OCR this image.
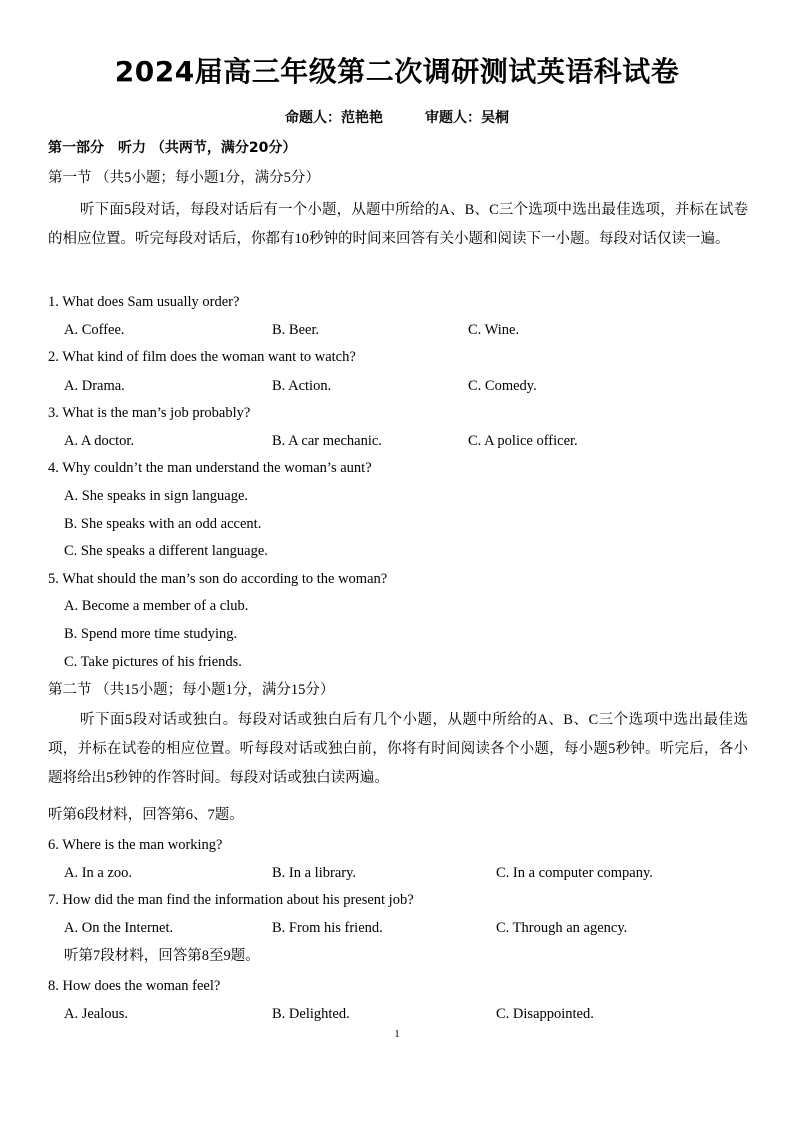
2024届高三年级第二次调研测试英语科试卷
命题人：范艳艳	审题人：吴桐
第一部分　听力 （共两节，满分20分）
第一节 （共5小题；每小题1分，满分5分）

听下面5段对话，每段对话后有一个小题，从题中所给的A、B、C三个选项中选出最佳选项，并标在试卷的相应位置。听完每段对话后，你都有10秒钟的时间来回答有关小题和阅读下一小题。每段对话仅读一遍。

1. What does Sam usually order?
A. Coffee.	B. Beer.	C. Wine.
2. What kind of film does the woman want to watch?
A. Drama.	B. Action.	C. Comedy.
3. What is the man’s job probably?
A. A doctor.	B. A car mechanic.	C. A police officer.
4. Why couldn’t the man understand the woman’s aunt?
A. She speaks in sign language.
B. She speaks with an odd accent.
C. She speaks a different language.
5. What should the man’s son do according to the woman?
A. Become a member of a club.
B. Spend more time studying.
C. Take pictures of his friends.
第二节 （共15小题；每小题1分，满分15分）

听下面5段对话或独白。每段对话或独白后有几个小题，从题中所给的A、B、C三个选项中选出最佳选项，并标在试卷的相应位置。听每段对话或独白前，你将有时间阅读各个小题，每小题5秒钟。听完后，各小题将给出5秒钟的作答时间。每段对话或独白读两遍。

听第6段材料，回答第6、7题。
6. Where is the man working?
A. In a zoo.	B. In a library.	C. In a computer company.
7. How did the man find the information about his present job?
A. On the Internet.	B. From his friend.	C. Through an agency.
听第7段材料，回答第8至9题。
8. How does the woman feel?
A. Jealous.	B. Delighted.	C. Disappointed.
1
